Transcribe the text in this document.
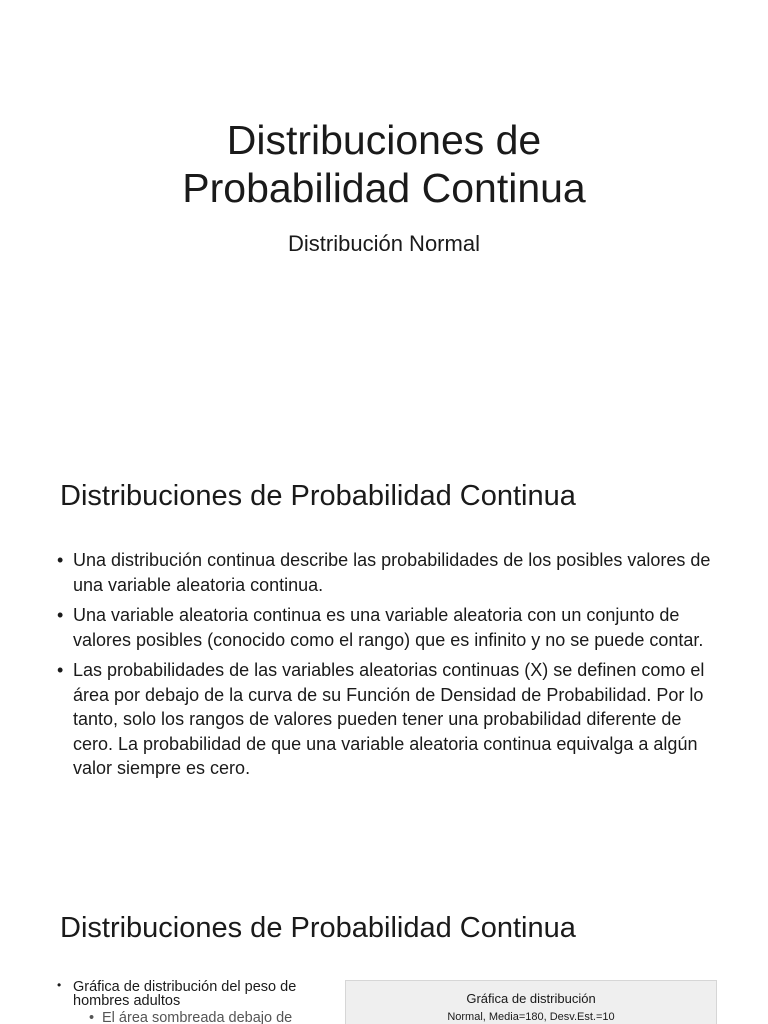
Distribuciones de
Probabilidad Continua

Distribución Normal

Distribuciones de Probabilidad Continua
• Una distribución continua describe las probabilidades de los posibles valores de una variable aleatoria continua.
• Una variable aleatoria continua es una variable aleatoria con un conjunto de valores posibles (conocido como el rango) que es infinito y no se puede contar.
• Las probabilidades de las variables aleatorias continuas (X) se definen como el área por debajo de la curva de su Función de Densidad de Probabilidad. Por lo tanto, solo los rangos de valores pueden tener una probabilidad diferente de cero. La probabilidad de que una variable aleatoria continua equivalga a algún valor siempre es cero.
Distribuciones de Probabilidad Continua
• Gráfica de distribución del peso de hombres adultos
• El área sombreada debajo de
Gráfica de distribución
Normal, Media=180, Desv.Est.=10
